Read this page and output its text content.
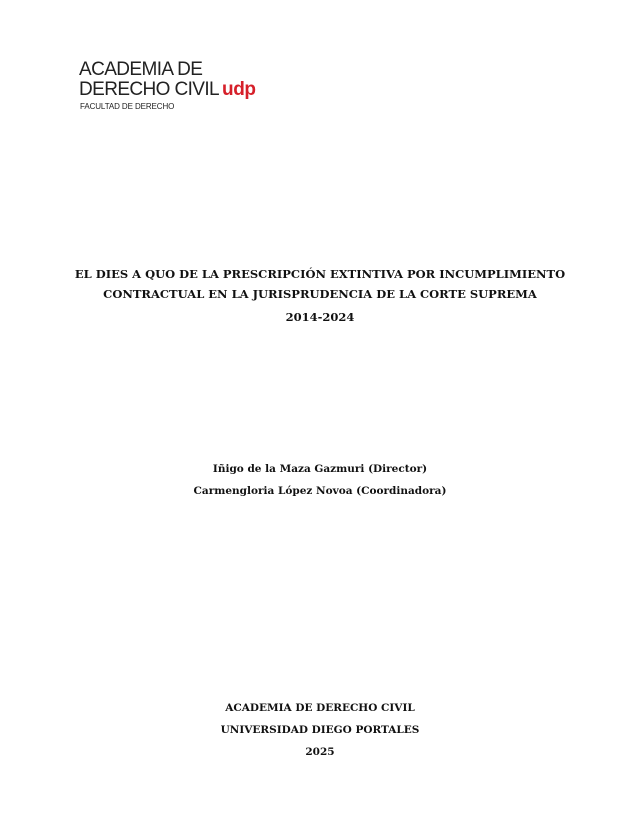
ACADEMIA DE
DERECHO CIVIL udp
FACULTAD DE DERECHO
EL DIES A QUO DE LA PRESCRIPCIÓN EXTINTIVA POR INCUMPLIMIENTO
CONTRACTUAL EN LA JURISPRUDENCIA DE LA CORTE SUPREMA
2014-2024
Iñigo de la Maza Gazmuri (Director)
Carmengloria López Novoa (Coordinadora)
ACADEMIA DE DERECHO CIVIL
UNIVERSIDAD DIEGO PORTALES
2025
